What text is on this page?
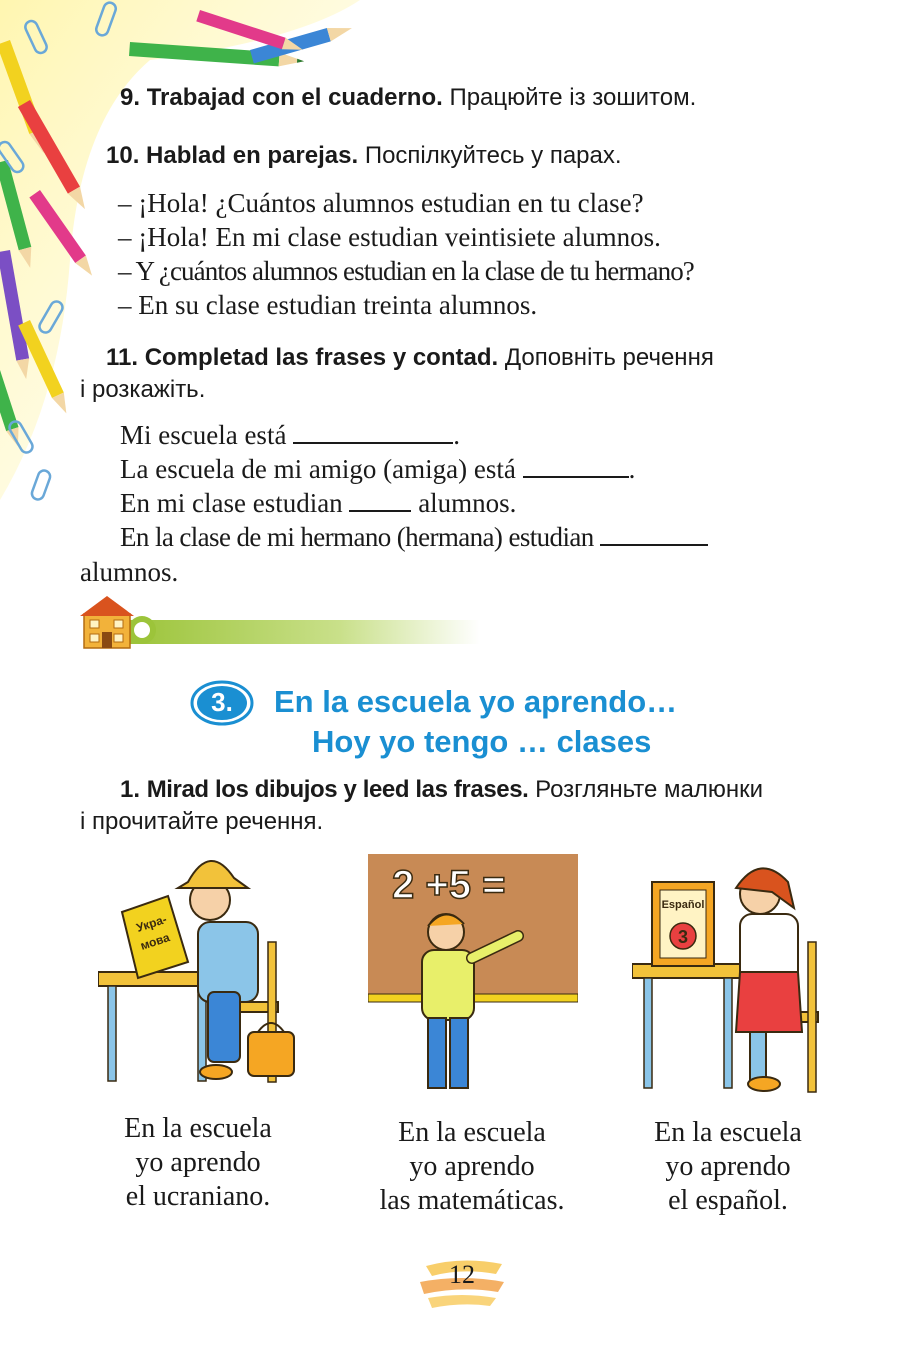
9. Trabajad con el cuaderno. Працюйте із зошитом.
10. Hablad en parejas. Поспілкуйтесь у парах.
– ¡Hola! ¿Cuántos alumnos estudian en tu clase?
– ¡Hola! En mi clase estudian veintisiete alumnos.
– Y ¿cuántos alumnos estudian en la clase de tu hermano?
– En su clase estudian treinta alumnos.
11. Completad las frases y contad. Доповніть речення
і розкажіть.
Mi escuela está	.
La escuela de mi amigo (amiga) está	.
En mi clase estudian	alumnos.
En la clase de mi hermano (hermana) estudian
alumnos.
3.	En la escuela yo aprendo…
Hoy yo tengo … clases
1. Mirad los dibujos y leed las frases. Розгляньте малюнки
і прочитайте речення.
Укра-
мова
2 +5 =	Español
3
En la escuela
yo aprendo
el ucraniano.
En la escuela
yo aprendo
las matemáticas.
En la escuela
yo aprendo
el español.
12
